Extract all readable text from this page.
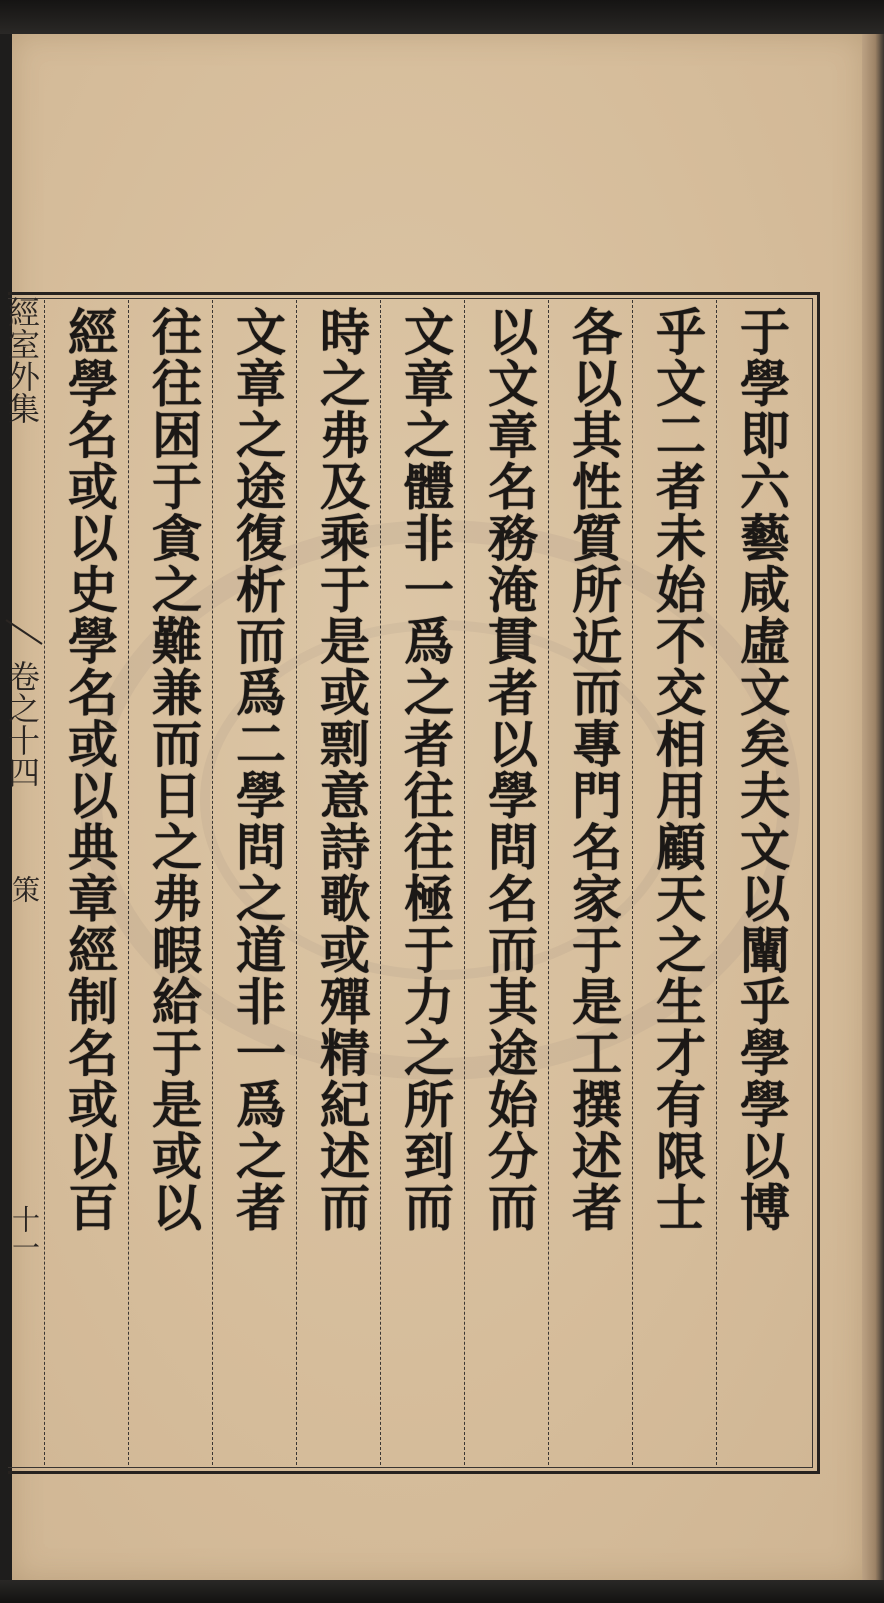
經室外集
卷之十四
策
十一	于學即六藝咸虛文矣夫文以闡乎學學以博
乎文二者未始不交相用顧天之生才有限士
各以其性質所近而專門名家于是工撰述者
以文章名務淹貫者以學問名而其途始分而
文章之體非一爲之者往往極于力之所到而
時之弗及乘于是或剽意詩歌或殫精紀述而
文章之途復析而爲二學問之道非一爲之者
往往困于貪之難兼而日之弗暇給于是或以
經學名或以史學名或以典章經制名或以百
